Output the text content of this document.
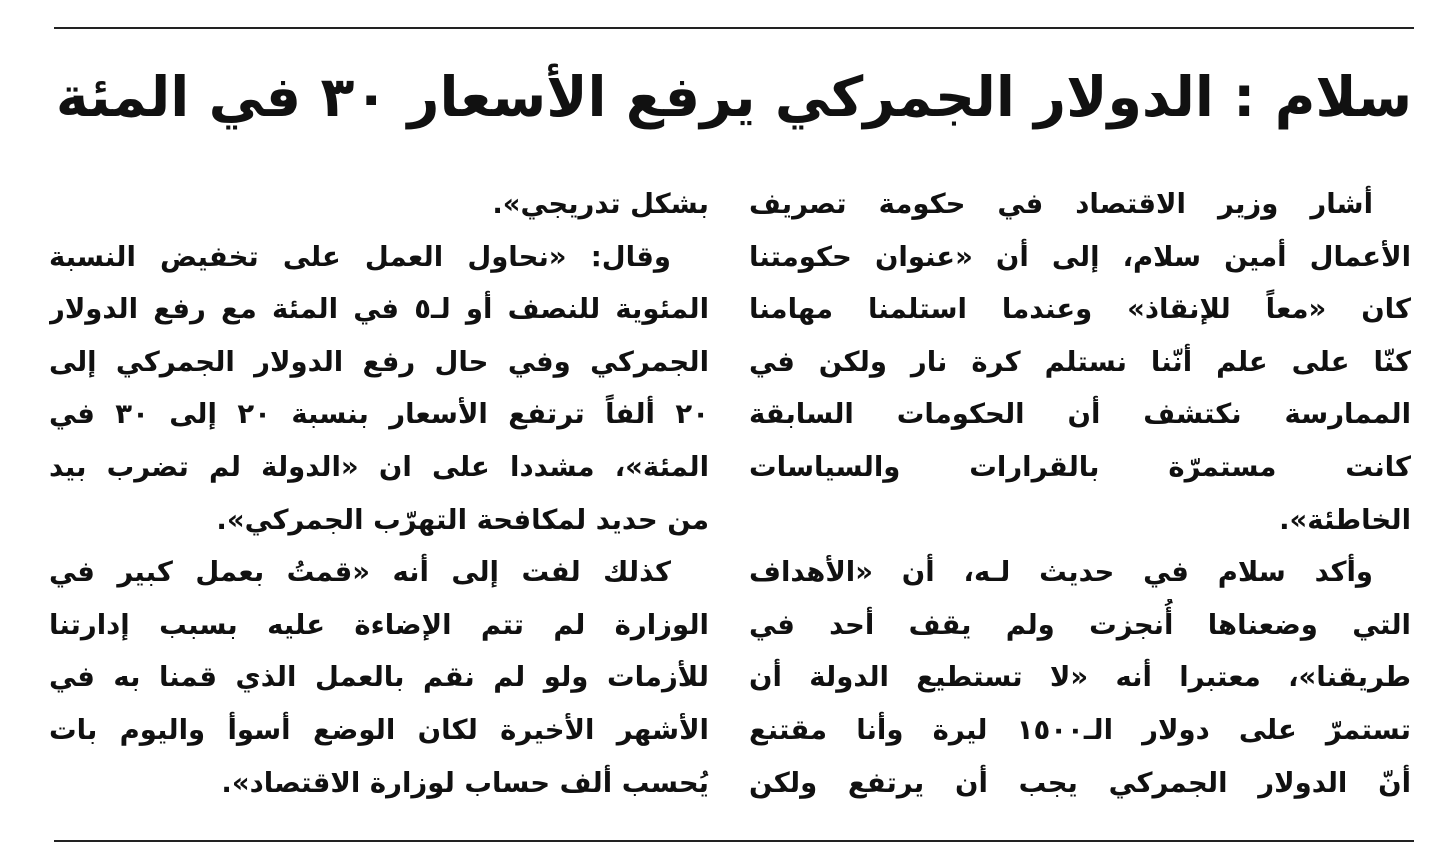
سلام : الدولار الجمركي يرفع الأسعار ٣٠ في المئة
أشار وزير الاقتصاد في حكومة تصريف
الأعمال أمين سلام، إلى أن «عنوان حكومتنا
كان «معاً للإنقاذ» وعندما استلمنا مهامنا
كنّا على علم أنّنا نستلم كرة نار ولكن في
الممارسة نكتشف أن الحكومات السابقة
كانت مستمرّة بالقرارات والسياسات
الخاطئة».
وأكد سلام في حديث لـه، أن «الأهداف
التي وضعناها أُنجزت ولم يقف أحد في
طريقنا»، معتبرا أنه «لا تستطيع الدولة أن
تستمرّ على دولار الـ١٥٠٠ ليرة وأنا مقتنع
أنّ الدولار الجمركي يجب أن يرتفع ولكن
بشكل تدريجي».
وقال: «نحاول العمل على تخفيض النسبة
المئوية للنصف أو لـ٥ في المئة مع رفع الدولار
الجمركي وفي حال رفع الدولار الجمركي إلى
٢٠ ألفاً ترتفع الأسعار بنسبة ٢٠ إلى ٣٠ في
المئة»، مشددا على ان «الدولة لم تضرب بيد
من حديد لمكافحة التهرّب الجمركي».
كذلك لفت إلى أنه «قمتُ بعمل كبير في
الوزارة لم تتم الإضاءة عليه بسبب إدارتنا
للأزمات ولو لم نقم بالعمل الذي قمنا به في
الأشهر الأخيرة لكان الوضع أسوأ واليوم بات
يُحسب ألف حساب لوزارة الاقتصاد».
